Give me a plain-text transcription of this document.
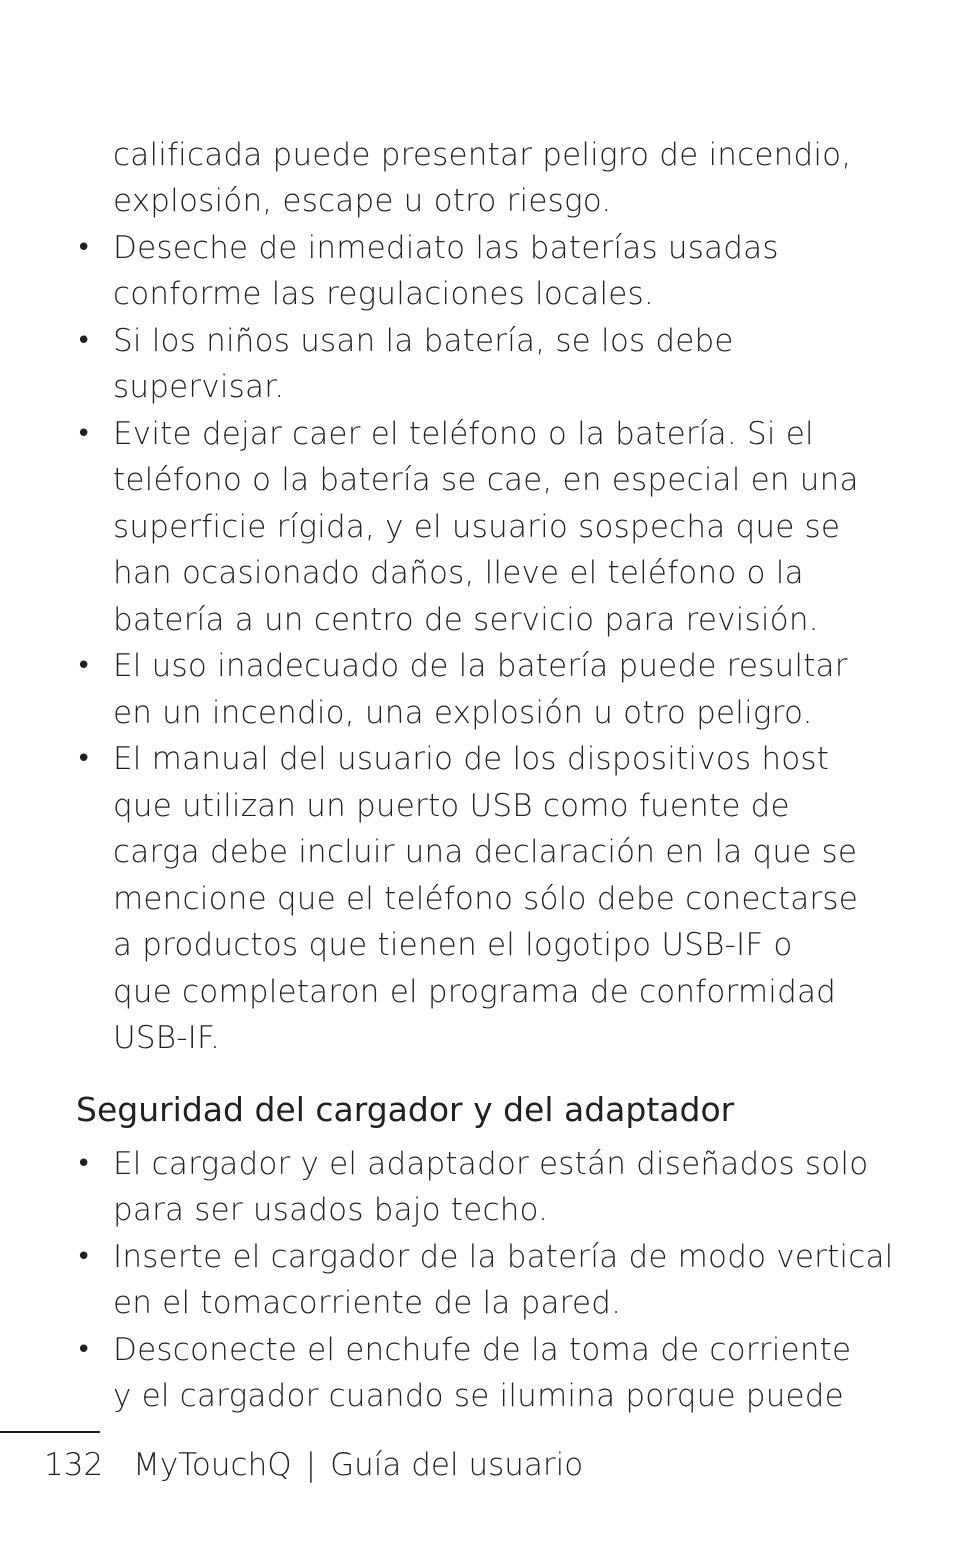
calificada puede presentar peligro de incendio,
explosión, escape u otro riesgo.
• Deseche de inmediato las baterías usadas
conforme las regulaciones locales.
• Si los niños usan la batería, se los debe
supervisar.
• Evite dejar caer el teléfono o la batería. Si el
teléfono o la batería se cae, en especial en una
superficie rígida, y el usuario sospecha que se
han ocasionado daños, lleve el teléfono o la
batería a un centro de servicio para revisión.
• El uso inadecuado de la batería puede resultar
en un incendio, una explosión u otro peligro.
• El manual del usuario de los dispositivos host
que utilizan un puerto USB como fuente de
carga debe incluir una declaración en la que se
mencione que el teléfono sólo debe conectarse
a productos que tienen el logotipo USB-IF o
que completaron el programa de conformidad
USB-IF.
Seguridad del cargador y del adaptador
• El cargador y el adaptador están diseñados solo
para ser usados bajo techo.
• Inserte el cargador de la batería de modo vertical
en el tomacorriente de la pared.
• Desconecte el enchufe de la toma de corriente
y el cargador cuando se ilumina porque puede
132 MyTouchQ | Guía del usuario
